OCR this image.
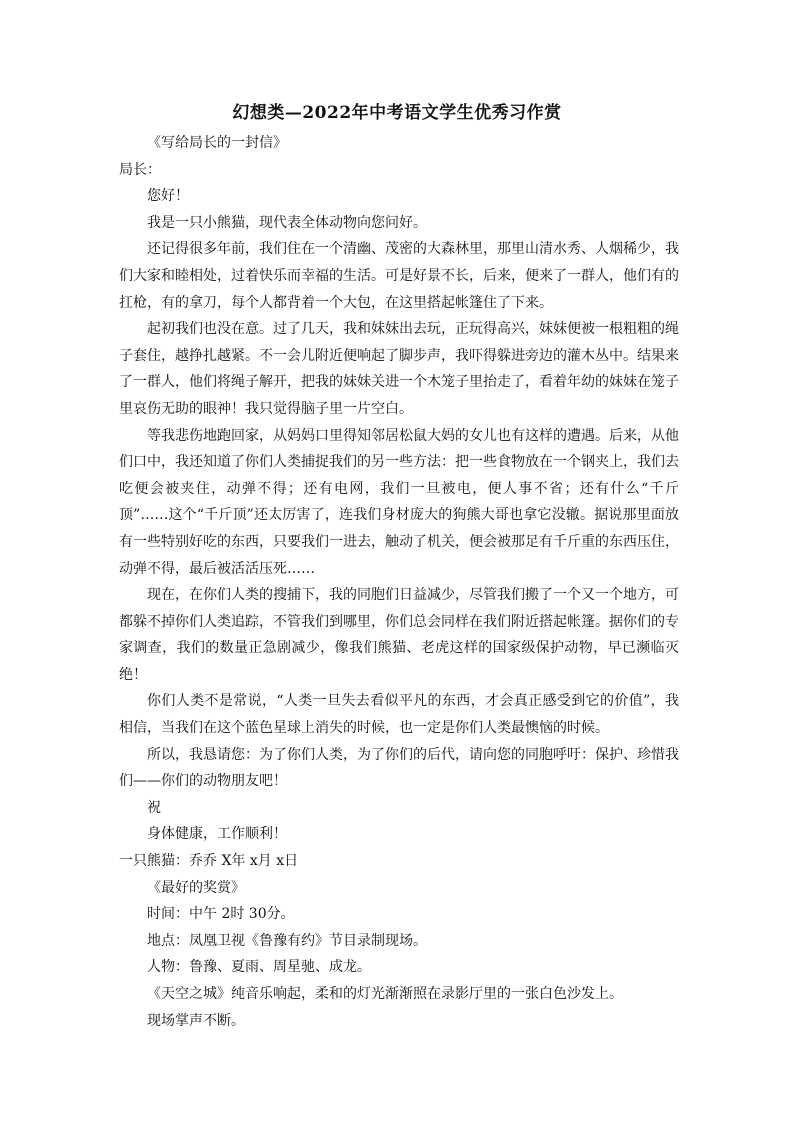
幻想类—2022年中考语文学生优秀习作赏

《写给局长的一封信》

局长：

您好！

我是一只小熊猫，现代表全体动物向您问好。

还记得很多年前，我们住在一个清幽、茂密的大森林里，那里山清水秀、人烟稀少，我们大家和睦相处，过着快乐而幸福的生活。可是好景不长，后来，便来了一群人，他们有的扛枪，有的拿刀，每个人都背着一个大包，在这里搭起帐篷住了下来。

起初我们也没在意。过了几天，我和妹妹出去玩，正玩得高兴，妹妹便被一根粗粗的绳子套住，越挣扎越紧。不一会儿附近便响起了脚步声，我吓得躲进旁边的灌木丛中。结果来了一群人，他们将绳子解开，把我的妹妹关进一个木笼子里抬走了，看着年幼的妹妹在笼子里哀伤无助的眼神！我只觉得脑子里一片空白。

等我悲伤地跑回家，从妈妈口里得知邻居松鼠大妈的女儿也有这样的遭遇。后来，从他们口中，我还知道了你们人类捕捉我们的另一些方法：把一些食物放在一个钢夹上，我们去吃便会被夹住，动弹不得；还有电网，我们一旦被电，便人事不省；还有什么“千斤顶”……这个“千斤顶”还太厉害了，连我们身材庞大的狗熊大哥也拿它没辙。据说那里面放有一些特别好吃的东西，只要我们一进去，触动了机关，便会被那足有千斤重的东西压住，动弹不得，最后被活活压死……

现在，在你们人类的搜捕下，我的同胞们日益减少，尽管我们搬了一个又一个地方，可都躲不掉你们人类追踪，不管我们到哪里，你们总会同样在我们附近搭起帐篷。据你们的专家调查，我们的数量正急剧减少，像我们熊猫、老虎这样的国家级保护动物，早已濒临灭绝！

你们人类不是常说，“人类一旦失去看似平凡的东西，才会真正感受到它的价值”，我相信，当我们在这个蓝色星球上消失的时候，也一定是你们人类最懊恼的时候。

所以，我恳请您：为了你们人类，为了你们的后代，请向您的同胞呼吁：保护、珍惜我们——你们的动物朋友吧！

祝

身体健康，工作顺利！

一只熊猫：乔乔 X年 x月 x日

《最好的奖赏》

时间：中午 2时 30分。

地点：凤凰卫视《鲁豫有约》节目录制现场。

人物：鲁豫、夏雨、周星驰、成龙。

《天空之城》纯音乐响起，柔和的灯光渐渐照在录影厅里的一张白色沙发上。

现场掌声不断。
